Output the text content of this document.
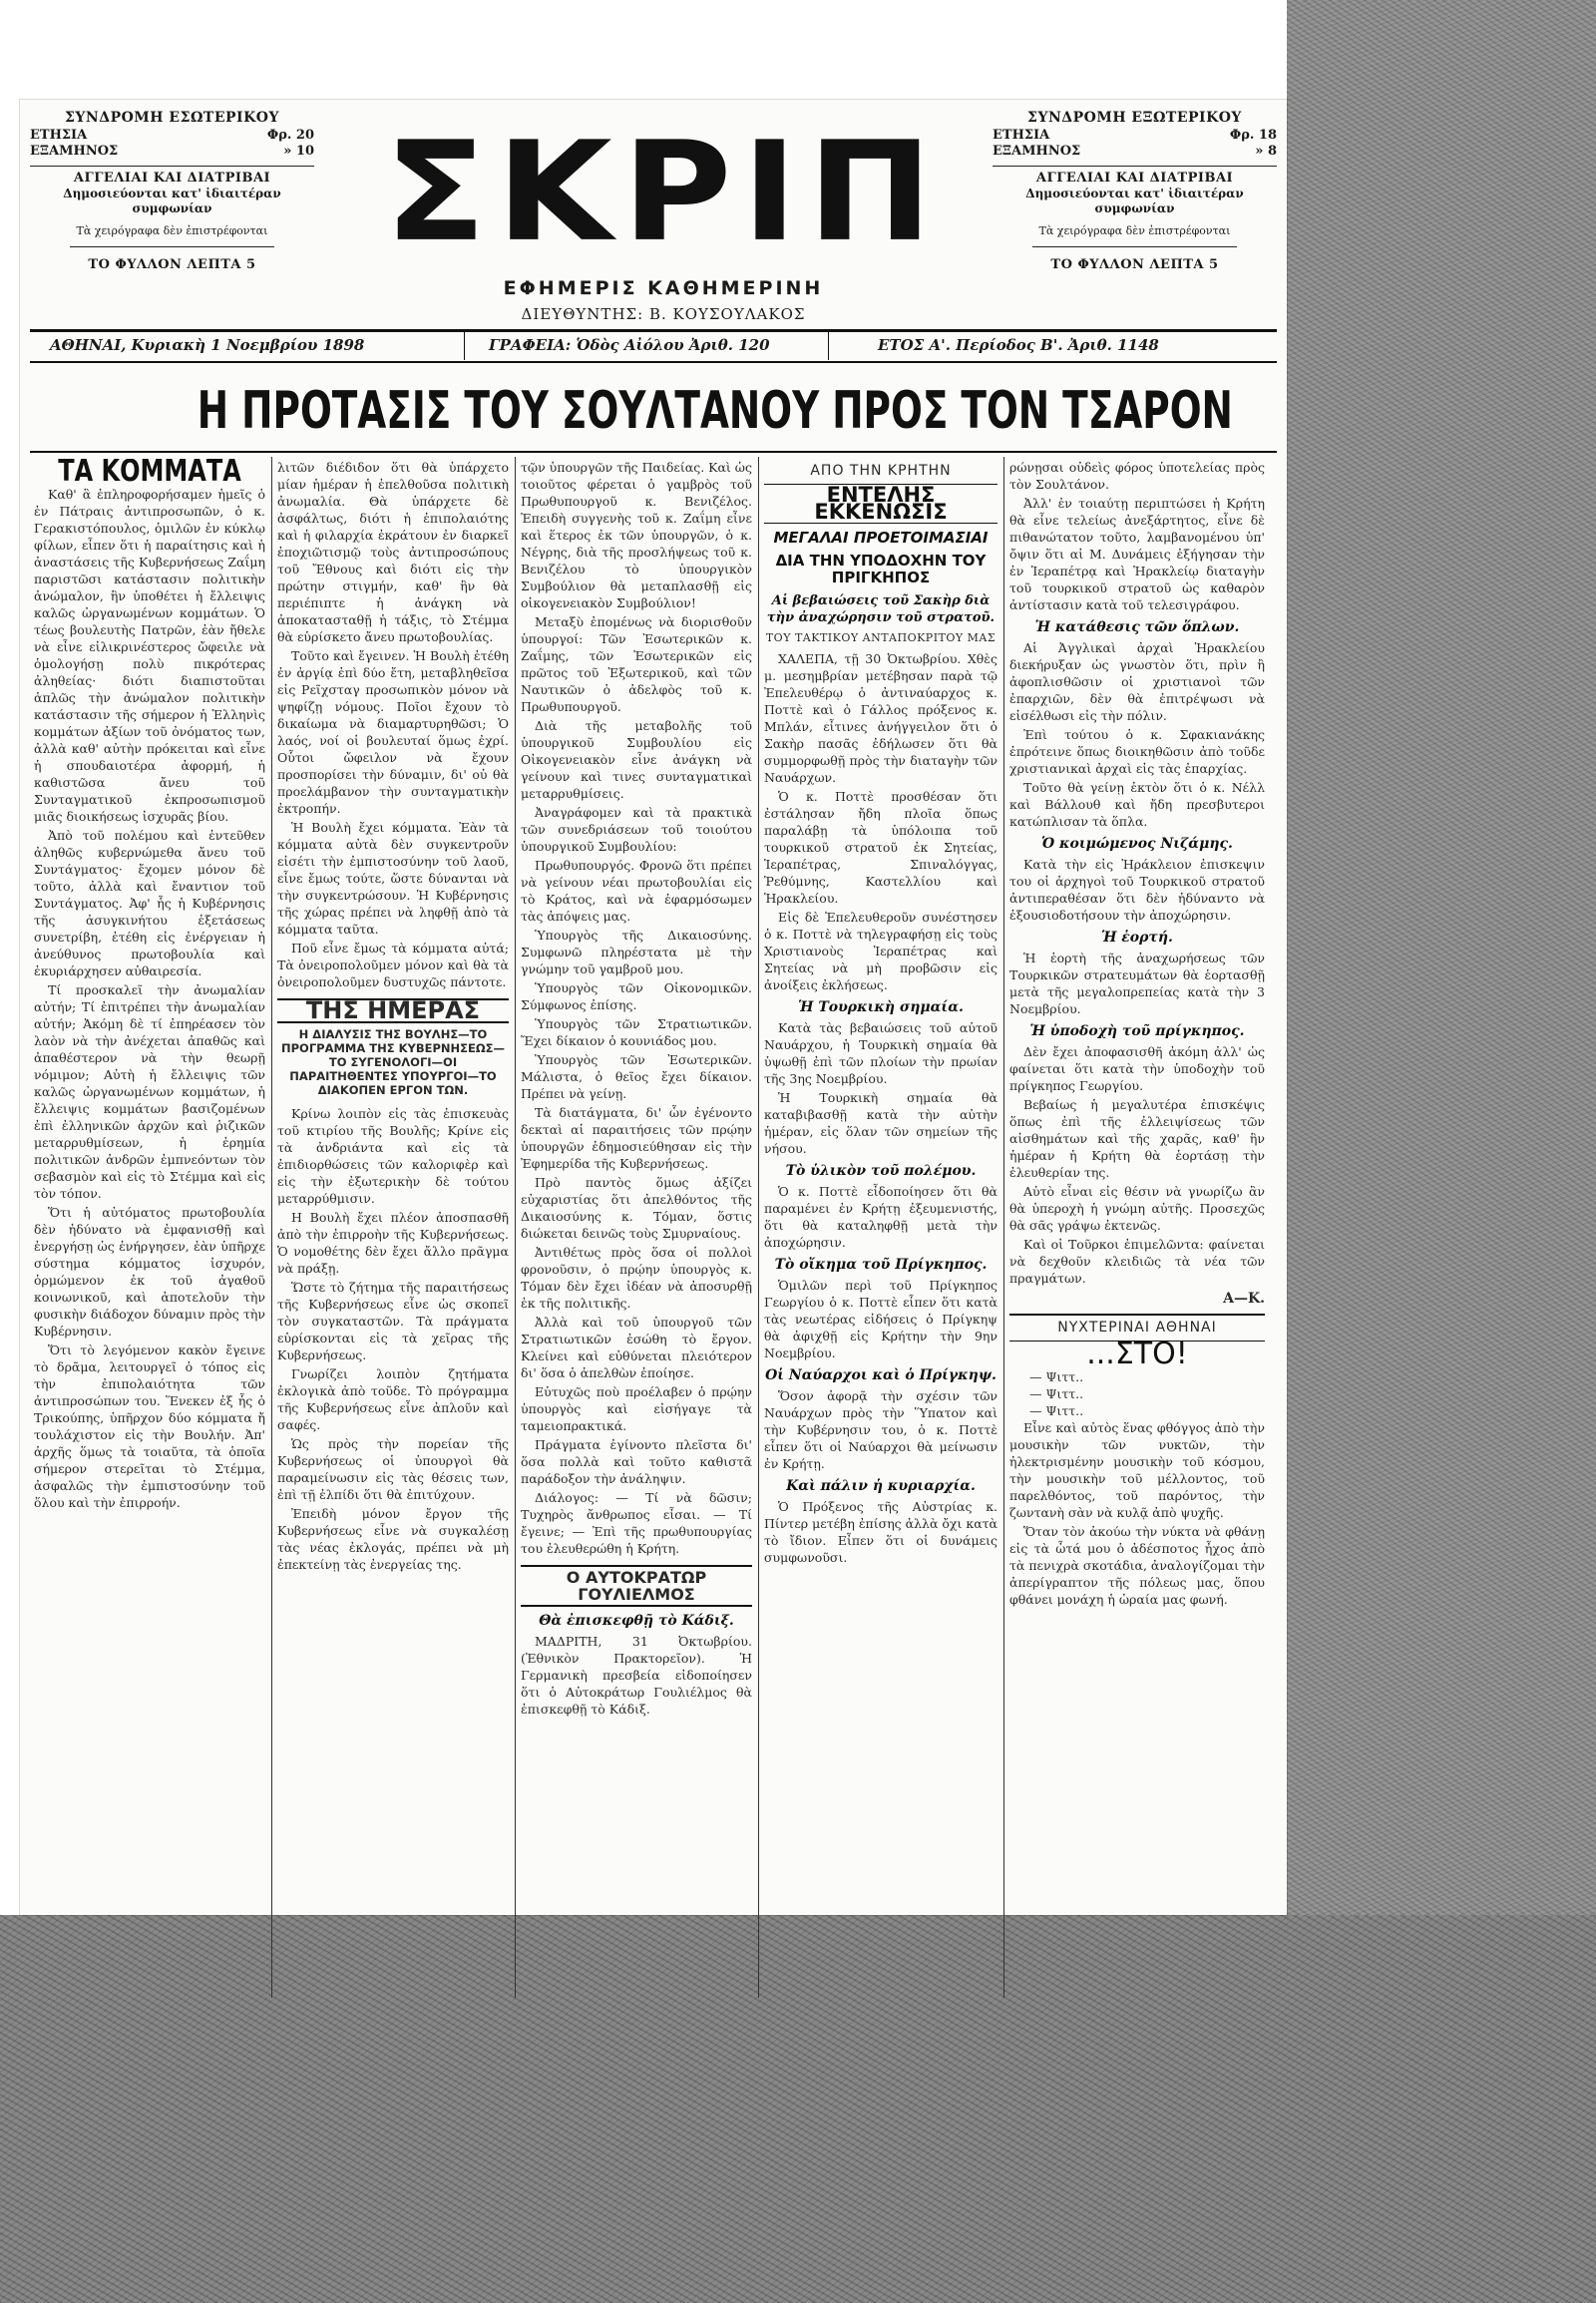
ΣΥΝΔΡΟΜΗ ΕΣΩΤΕΡΙΚΟΥ
ΕΤΗΣΙΑ	Φρ. 20
ΕΞΑΜΗΝΟΣ	» 10
ΑΓΓΕΛΙΑΙ ΚΑΙ ΔΙΑΤΡΙΒΑΙ
Δημοσιεύονται κατ' ἰδιαιτέραν συμφωνίαν
Τὰ χειρόγραφα δὲν ἐπιστρέφονται
ΤΟ ΦΥΛΛΟΝ ΛΕΠΤΑ 5 ΣΚΡΙΠ
ΕΦΗΜΕΡΙΣ ΚΑΘΗΜΕΡΙΝΗ
ΔΙΕΥΘΥΝΤΗΣ: Β. ΚΟΥΣΟΥΛΑΚΟΣ
ΣΥΝΔΡΟΜΗ ΕΞΩΤΕΡΙΚΟΥ
ΕΤΗΣΙΑ	Φρ. 18
ΕΞΑΜΗΝΟΣ	» 8
ΑΓΓΕΛΙΑΙ ΚΑΙ ΔΙΑΤΡΙΒΑΙ
Δημοσιεύονται κατ' ἰδιαιτέραν συμφωνίαν
Τὰ χειρόγραφα δὲν ἐπιστρέφονται
ΤΟ ΦΥΛΛΟΝ ΛΕΠΤΑ 5
ΑΘΗΝΑΙ, Κυριακὴ 1 Νοεμβρίου 1898	ΓΡΑΦΕΙΑ: Ὁδὸς Αἰόλου Ἀριθ. 120	ΕΤΟΣ Α'. Περίοδος Β'. Ἀριθ. 1148
Η ΠΡΟΤΑΣΙΣ ΤΟΥ ΣΟΥΛΤΑΝΟΥ ΠΡΟΣ ΤΟΝ ΤΣΑΡΟΝ
ΤΑ ΚΟΜΜΑΤΑ

Καθ' ἃ ἐπληροφορήσαμεν ἡμεῖς ὁ ἐν Πάτραις ἀντιπροσωπῶν, ὁ κ. Γερακιστόπουλος, ὁμιλῶν ἐν κύκλῳ φίλων, εἶπεν ὅτι ἡ παραίτησις καὶ ἡ ἀναστάσεις τῆς Κυβερνήσεως Ζαΐμη παριστῶσι κατάστασιν πολιτικὴν ἀνώμαλον, ἣν ὑποθέτει ἡ ἔλλειψις καλῶς ὠργανωμένων κομμάτων. Ὁ τέως βουλευτὴς Πατρῶν, ἐὰν ἤθελε νὰ εἶνε εἰλικρινέστερος ὤφειλε νὰ ὁμολογήσῃ πολὺ πικρότερας ἀληθείας· διότι διαπιστοῦται ἁπλῶς τὴν ἀνώμαλον πολιτικὴν κατάστασιν τῆς σήμερον ἡ Ἑλληνὶς κομμάτων ἀξίων τοῦ ὀνόματος των, ἀλλὰ καθ' αὐτὴν πρόκειται καὶ εἶνε ἡ σπουδαιοτέρα ἀφορμή, ἡ καθιστῶσα ἄνευ τοῦ Συνταγματικοῦ ἐκπροσωπισμοῦ μιᾶς διοικήσεως ἰσχυρᾶς βίου.

Ἀπὸ τοῦ πολέμου καὶ ἐντεῦθεν ἀληθῶς κυβερνώμεθα ἄνευ τοῦ Συντάγματος· ἔχομεν μόνον δὲ τοῦτο, ἀλλὰ καὶ ἔναντιον τοῦ Συντάγματος. Ἀφ' ἧς ἡ Κυβέρνησις τῆς ἀσυγκινήτου ἐξετάσεως συνετρίβη, ἐτέθη εἰς ἐνέργειαν ἡ ἀνεύθυνος πρωτοβουλία καὶ ἐκυριάρχησεν αὐθαιρεσία.

Τί προσκαλεῖ τὴν ἀνωμαλίαν αὐτήν; Τί ἐπιτρέπει τὴν ἀνωμαλίαν αὐτήν; Ἀκόμη δὲ τί ἐπηρέασεν τὸν λαὸν νὰ τὴν ἀνέχεται ἀπαθῶς καὶ ἀπαθέστερον νὰ τὴν θεωρῇ νόμιμον; Αὐτὴ ἡ ἔλλειψις τῶν καλῶς ὠργανωμένων κομμάτων, ἡ ἔλλειψις κομμάτων βασιζομένων ἐπὶ ἐλληνικῶν ἀρχῶν καὶ ῥιζικῶν μεταρρυθμίσεων, ἡ ἐρημία πολιτικῶν ἀνδρῶν ἐμπνεόντων τὸν σεβασμὸν καὶ εἰς τὸ Στέμμα καὶ εἰς τὸν τόπον.

Ὅτι ἡ αὐτόματος πρωτοβουλία δὲν ἠδύνατο νὰ ἐμφανισθῇ καὶ ἐνεργήσῃ ὡς ἐνήργησεν, ἐὰν ὑπῆρχε σύστημα κόμματος ἰσχυρόν, ὁρμώμενον ἐκ τοῦ ἀγαθοῦ κοινωνικοῦ, καὶ ἀποτελοῦν τὴν φυσικὴν διάδοχον δύναμιν πρὸς τὴν Κυβέρνησιν.

Ὅτι τὸ λεγόμενον κακὸν ἔγεινε τὸ δρᾶμα, λειτουργεῖ ὁ τόπος εἰς τὴν ἐπιπολαιότητα τῶν ἀντιπροσώπων του. Ἕνεκεν ἐξ ἧς ὁ Τρικούπης, ὑπῆρχον δύο κόμματα ἤ τουλάχιστον εἰς τὴν Βουλήν. Ἀπ' ἀρχῆς ὅμως τὰ τοιαῦτα, τὰ ὁποῖα σήμερον στερεῖται τὸ Στέμμα, ἀσφαλῶς τὴν ἐμπιστοσύνην τοῦ ὅλου καὶ τὴν ἐπιρροήν.

λιτῶν διέδιδον ὅτι θὰ ὑπάρχετο μίαν ἡμέραν ἡ ἐπελθοῦσα πολιτικὴ ἀνωμαλία. Θὰ ὑπάρχετε δὲ ἀσφάλτως, διότι ἡ ἐπιπολαιότης καὶ ἡ φιλαρχία ἐκράτουν ἐν διαρκεῖ ἐποχιῶτισμῷ τοὺς ἀντιπροσώπους τοῦ Ἔθνους καὶ διότι εἰς τὴν πρώτην στιγμήν, καθ' ἣν θὰ περιέπιπτε ἡ ἀνάγκη νὰ ἀποκατασταθῇ ἡ τάξις, τὸ Στέμμα θὰ εὑρίσκετο ἄνευ πρωτοβουλίας.

Τοῦτο καὶ ἔγεινεν. Ἡ Βουλὴ ἐτέθη ἐν ἀργίᾳ ἐπὶ δύο ἔτη, μεταβληθεῖσα εἰς Ρεῖχσταγ προσωπικὸν μόνον νὰ ψηφίζῃ νόμους. Ποῖοι ἔχουν τὸ δικαίωμα νὰ διαμαρτυρηθῶσι; Ὁ λαός, νοί οἱ βουλευταί ὅμως ἐχρί. Οὗτοι ὤφειλον νὰ ἔχουν προσπορίσει τὴν δύναμιν, δι' οὐ θὰ προελάμβανον τὴν συνταγματικὴν ἐκτροπήν.

Ἡ Βουλὴ ἔχει κόμματα. Ἐὰν τὰ κόμματα αὐτὰ δὲν συγκεντροῦν εἰσέτι τὴν ἐμπιστοσύνην τοῦ λαοῦ, εἶνε ἔμως τούτε, ὥστε δύνανται νὰ τὴν συγκεντρώσουν. Ἡ Κυβέρνησις τῆς χώρας πρέπει νὰ ληφθῇ ἀπὸ τὰ κόμματα ταῦτα.

Ποῦ εἶνε ἔμως τὰ κόμματα αὐτά; Τὰ ὀνειροπολοῦμεν μόνον καὶ θὰ τὰ ὀνειροπολοῦμεν δυστυχῶς πάντοτε.

ΤΗΣ ΗΜΕΡΑΣ
Η ΔΙΑΛΥΣΙΣ ΤΗΣ ΒΟΥΛΗΣ—ΤΟ ΠΡΟΓΡΑΜΜΑ ΤΗΣ ΚΥΒΕΡΝΗΣΕΩΣ—ΤΟ ΣΥΓΕΝΟΛΟΓΙ—ΟΙ ΠΑΡΑΙΤΗΘΕΝΤΕΣ ΥΠΟΥΡΓΟΙ—ΤΟ ΔΙΑΚΟΠΕΝ ΕΡΓΟΝ ΤΩΝ.

Κρίνω λοιπὸν εἰς τὰς ἐπισκευὰς τοῦ κτιρίου τῆς Βουλῆς; Κρίνε εἰς τὰ ἀνδριάντα καὶ εἰς τὰ ἐπιδιορθώσεις τῶν καλοριφὲρ καὶ εἰς τὴν ἐξωτερικὴν δὲ τούτου μεταρρύθμισιν.

Η Βουλὴ ἔχει πλέον ἀποσπασθῆ ἀπὸ τὴν ἐπιρροὴν τῆς Κυβερνήσεως. Ὁ νομοθέτης δὲν ἔχει ἄλλο πρᾶγμα νὰ πράξῃ.

Ὥστε τὸ ζήτημα τῆς παραιτήσεως τῆς Κυβερνήσεως εἶνε ὡς σκοπεῖ τὸν συγκαταστῶν. Τὰ πράγματα εὑρίσκονται εἰς τὰ χεῖρας τῆς Κυβερνήσεως.

Γνωρίζει λοιπὸν ζητήματα ἐκλογικὰ ἀπὸ τοῦδε. Τὸ πρόγραμμα τῆς Κυβερνήσεως εἶνε ἀπλοῦν καὶ σαφές.

Ὡς πρὸς τὴν πορείαν τῆς Κυβερνήσεως οἱ ὑπουργοὶ θὰ παραμείνωσιν εἰς τὰς θέσεις των, ἐπὶ τῇ ἐλπίδι ὅτι θὰ ἐπιτύχουν.

Ἐπειδὴ μόνον ἔργον τῆς Κυβερνήσεως εἶνε νὰ συγκαλέσῃ τὰς νέας ἐκλογάς, πρέπει νὰ μὴ ἐπεκτείνῃ τὰς ἐνεργείας της.

τῷν ὑπουργῶν τῆς Παιδείας. Καὶ ὡς τοιοῦτος φέρεται ὁ γαμβρὸς τοῦ Πρωθυπουργοῦ κ. Βενιζέλος. Ἐπειδὴ συγγενὴς τοῦ κ. Ζαΐμη εἶνε καὶ ἕτερος ἐκ τῶν ὑπουργῶν, ὁ κ. Νέγρης, διὰ τῆς προσλήψεως τοῦ κ. Βενιζέλου τὸ ὑπουργικὸν Συμβούλιον θὰ μεταπλασθῇ εἰς οἰκογενειακὸν Συμβούλιον!

Μεταξὺ ἐπομένως νὰ διορισθοῦν ὑπουργοί: Τῶν Ἐσωτερικῶν κ. Ζαΐμης, τῶν Ἐσωτερικῶν εἰς πρῶτος τοῦ Ἐξωτερικοῦ, καὶ τῶν Ναυτικῶν ὁ ἀδελφὸς τοῦ κ. Πρωθυπουργοῦ.

Διὰ τῆς μεταβολῆς τοῦ ὑπουργικοῦ Συμβουλίου εἰς Οἰκογενειακὸν εἶνε ἀνάγκη νὰ γείνουν καὶ τινες συνταγματικαὶ μεταρρυθμίσεις.

Ἀναγράφομεν καὶ τὰ πρακτικὰ τῶν συνεδριάσεων τοῦ τοιούτου ὑπουργικοῦ Συμβουλίου:

Πρωθυπουργός. Φρονῶ ὅτι πρέπει νὰ γείνουν νέαι πρωτοβουλίαι εἰς τὸ Κράτος, καὶ νὰ ἐφαρμόσωμεν τὰς ἀπόψεις μας.

Ὑπουργὸς τῆς Δικαιοσύνης. Συμφωνῶ πληρέστατα μὲ τὴν γνώμην τοῦ γαμβροῦ μου.

Ὑπουργὸς τῶν Οἰκονομικῶν. Σύμφωνος ἐπίσης.

Ὑπουργὸς τῶν Στρατιωτικῶν. Ἔχει δίκαιον ὁ κουνιάδος μου.

Ὑπουργὸς τῶν Ἐσωτερικῶν. Μάλιστα, ὁ θεῖος ἔχει δίκαιον. Πρέπει νὰ γείνῃ.

Τὰ διατάγματα, δι' ὧν ἐγένοντο δεκταὶ αἱ παραιτήσεις τῶν πρῴην ὑπουργῶν ἐδημοσιεύθησαν εἰς τὴν Ἐφημερίδα τῆς Κυβερνήσεως.

Πρὸ παντὸς ὅμως ἀξίζει εὐχαριστίας ὅτι ἀπελθόντος τῆς Δικαιοσύνης κ. Τόμαν, ὅστις διώκεται δεινῶς τοὺς Σμυρναίους.

Ἀντιθέτως πρὸς ὅσα οἱ πολλοὶ φρονοῦσιν, ὁ πρῴην ὑπουργὸς κ. Τόμαν δὲν ἔχει ἰδέαν νὰ ἀποσυρθῇ ἐκ τῆς πολιτικῆς.

Ἀλλὰ καὶ τοῦ ὑπουργοῦ τῶν Στρατιωτικῶν ἐσώθη τὸ ἔργον. Κλείνει καὶ εὐθύνεται πλειότερον δι' ὅσα ὁ ἀπελθὼν ἐποίησε.

Εὐτυχῶς ποὺ προέλαβεν ὁ πρῴην ὑπουργὸς καὶ εἰσήγαγε τὰ ταμειοπρακτικά.

Πράγματα ἐγίνοντο πλεῖστα δι' ὅσα πολλὰ καὶ τοῦτο καθιστᾶ παράδοξον τὴν ἀνάληψιν.

Διάλογος: — Τί νὰ δῶσιν; Τυχηρὸς ἄνθρωπος εἶσαι. — Τί ἔγεινε; — Ἐπὶ τῆς πρωθυπουργίας του ἐλευθερώθη ἡ Κρήτη.

Ο ΑΥΤΟΚΡΑΤΩΡ ΓΟΥΛΙΕΛΜΟΣ
Θὰ ἐπισκεφθῇ τὸ Κάδιξ.

ΜΑΔΡΙΤΗ, 31 Ὀκτωβρίου. (Ἐθνικὸν Πρακτορεῖον). Ἡ Γερμανικὴ πρεσβεία εἰδοποίησεν ὅτι ὁ Αὐτοκράτωρ Γουλιέλμος θὰ ἐπισκεφθῇ τὸ Κάδιξ.

ΑΠΟ ΤΗΝ ΚΡΗΤΗΝ
ΕΝΤΕΛΗΣ ΕΚΚΕΝΩΣΙΣ
ΜΕΓΑΛΑΙ ΠΡΟΕΤΟΙΜΑΣΙΑΙ
ΔΙΑ ΤΗΝ ΥΠΟΔΟΧΗΝ ΤΟΥ ΠΡΙΓΚΗΠΟΣ
Αἱ βεβαιώσεις τοῦ Σακὴρ διὰ τὴν ἀναχώρησιν τοῦ στρατοῦ.
ΤΟΥ ΤΑΚΤΙΚΟΥ ΑΝΤΑΠΟΚΡΙΤΟΥ ΜΑΣ

ΧΑΛΕΠΑ, τῇ 30 Ὀκτωβρίου. Χθὲς μ. μεσημβρίαν μετέβησαν παρὰ τῷ Ἐπελευθέρῳ ὁ ἀντιναύαρχος κ. Ποττὲ καὶ ὁ Γάλλος πρόξενος κ. Μπλάν, εἶτινες ἀνήγγειλον ὅτι ὁ Σακὴρ πασᾶς ἐδήλωσεν ὅτι θὰ συμμορφωθῇ πρὸς τὴν διαταγὴν τῶν Ναυάρχων.

Ὁ κ. Ποττὲ προσθέσαν ὅτι ἐστάλησαν ἤδη πλοῖα ὅπως παραλάβῃ τὰ ὑπόλοιπα τοῦ τουρκικοῦ στρατοῦ ἐκ Σητείας, Ἱεραπέτρας, Σπιναλόγγας, Ῥεθύμνης, Καστελλίου καὶ Ἡρακλείου.

Εἰς δὲ Ἐπελευθεροῦν συνέστησεν ὁ κ. Ποττὲ νὰ τηλεγραφήσῃ εἰς τοὺς Χριστιανοὺς Ἱεραπέτρας καὶ Σητείας νὰ μὴ προβῶσιν εἰς ἀνοίξεις ἐκλήσεως.

Ἡ Τουρκικὴ σημαία.

Κατὰ τὰς βεβαιώσεις τοῦ αὐτοῦ Ναυάρχου, ἡ Τουρκικὴ σημαία θὰ ὑψωθῇ ἐπὶ τῶν πλοίων τὴν πρωίαν τῆς 3ης Νοεμβρίου.

Ἡ Τουρκικὴ σημαία θὰ καταβιβασθῇ κατὰ τὴν αὐτὴν ἡμέραν, εἰς ὅλαν τῶν σημείων τῆς νήσου.

Τὸ ὑλικὸν τοῦ πολέμου.

Ὁ κ. Ποττὲ εἶδοποίησεν ὅτι θὰ παραμένει ἐν Κρήτῃ ἐξευμενιστής, ὅτι θὰ καταληφθῇ μετὰ τὴν ἀποχώρησιν.

Τὸ οἴκημα τοῦ Πρίγκηπος.

Ὁμιλῶν περὶ τοῦ Πρίγκηπος Γεωργίου ὁ κ. Ποττὲ εἶπεν ὅτι κατὰ τὰς νεωτέρας εἰδήσεις ὁ Πρίγκηψ θὰ ἀφιχθῇ εἰς Κρήτην τὴν 9ην Νοεμβρίου.

Οἱ Ναύαρχοι καὶ ὁ Πρίγκηψ.

Ὅσον ἀφορᾷ τὴν σχέσιν τῶν Ναυάρχων πρὸς τὴν Ὕπατον καὶ τὴν Κυβέρνησιν του, ὁ κ. Ποττὲ εἶπεν ὅτι οἱ Ναύαρχοι θὰ μείνωσιν ἐν Κρήτῃ.

Καὶ πάλιν ἡ κυριαρχία.

Ὁ Πρόξενος τῆς Αὐστρίας κ. Πίντερ μετέβη ἐπίσης ἀλλὰ ὄχι κατὰ τὸ ἴδιον. Εἶπεν ὅτι οἱ δυνάμεις συμφωνοῦσι.

ρώνῃσαι οὐδεὶς φόρος ὑποτελείας πρὸς τὸν Σουλτάνον.

Ἀλλ' ἐν τοιαύτῃ περιπτώσει ἡ Κρήτη θὰ εἶνε τελείως ἀνεξάρτητος, εἶνε δὲ πιθανώτατον τοῦτο, λαμβανομένου ὑπ' ὄψιν ὅτι αἱ Μ. Δυνάμεις ἐξήγησαν τὴν ἐν Ἱεραπέτρᾳ καὶ Ἡρακλείῳ διαταγὴν τοῦ τουρκικοῦ στρατοῦ ὡς καθαρὸν ἀντίστασιν κατὰ τοῦ τελεσιγράφου.

Ἡ κατάθεσις τῶν ὅπλων.

Αἱ Ἀγγλικαὶ ἀρχαὶ Ἡρακλείου διεκήρυξαν ὡς γνωστὸν ὅτι, πρὶν ἢ ἀφοπλισθῶσιν οἱ χριστιανοὶ τῶν ἐπαρχιῶν, δὲν θὰ ἐπιτρέψωσι νὰ εἰσέλθωσι εἰς τὴν πόλιν.

Ἐπὶ τούτου ὁ κ. Σφακιανάκης ἐπρότεινε ὅπως διοικηθῶσιν ἀπὸ τοῦδε χριστιανικαὶ ἀρχαὶ εἰς τὰς ἐπαρχίας.

Τοῦτο θὰ γείνῃ ἐκτὸν ὅτι ὁ κ. Νέλλ καὶ Βάλλουθ καὶ ἤδη πρεσβυτεροι κατώπλισαν τὰ ὅπλα.

Ὁ κοιμώμενος Νιζάμης.

Κατὰ τὴν εἰς Ἡράκλειον ἐπισκεψιν του οἱ ἀρχηγοὶ τοῦ Τουρκικοῦ στρατοῦ ἀντιπεραθέσαν ὅτι δὲν ἠδύναντο νὰ ἐξουσιοδοτήσουν τὴν ἀποχώρησιν.

Ἡ ἑορτή.

Ἡ ἑορτὴ τῆς ἀναχωρήσεως τῶν Τουρκικῶν στρατευμάτων θὰ ἑορτασθῇ μετὰ τῆς μεγαλοπρεπείας κατὰ τὴν 3 Νοεμβρίου.

Ἡ ὑποδοχὴ τοῦ πρίγκηπος.

Δὲν ἔχει ἀποφασισθῆ ἀκόμη ἀλλ' ὡς φαίνεται ὅτι κατὰ τὴν ὑποδοχὴν τοῦ πρίγκηπος Γεωργίου.

Βεβαίως ἡ μεγαλυτέρα ἐπισκέψις ὅπως ἐπὶ τῆς ἐλλειψίσεως τῶν αἰσθημάτων καὶ τῆς χαρᾶς, καθ' ἣν ἡμέραν ἡ Κρήτη θὰ ἑορτάσῃ τὴν ἐλευθερίαν της.

Αὐτὸ εἶναι εἰς θέσιν νὰ γνωρίζω ἂν θὰ ὑπεροχὴ ἡ γνώμη αὐτῆς. Προσεχῶς θὰ σᾶς γράψω ἐκτενῶς.

Καὶ οἱ Τοῦρκοι ἐπιμελῶντα: φαίνεται νὰ δεχθοῦν κλειδιῶς τὰ νέα τῶν πραγμάτων.

Α—Κ.
ΝΥΧΤΕΡΙΝΑΙ ΑΘΗΝΑΙ
...ΣΤΟ!
— Ψιττ..
— Ψιττ..
— Ψιττ..

Εἶνε καὶ αὐτὸς ἕνας φθόγγος ἀπὸ τὴν μουσικὴν τῶν νυκτῶν, τὴν ἠλεκτρισμένην μουσικὴν τοῦ κόσμου, τὴν μουσικὴν τοῦ μέλλοντος, τοῦ παρελθόντος, τοῦ παρόντος, τὴν ζωντανὴ σὰν νὰ κυλᾷ ἀπὸ ψυχῆς.

Ὅταν τὸν ἀκούω τὴν νύκτα νὰ φθάνῃ εἰς τὰ ὦτά μου ὁ ἀδέσποτος ἦχος ἀπὸ τὰ πενιχρὰ σκοτάδια, ἀναλογίζομαι τὴν ἀπερίγραπτον τῆς πόλεως μας, ὅπου φθάνει μονάχη ἡ ὡραία μας φωνή.
